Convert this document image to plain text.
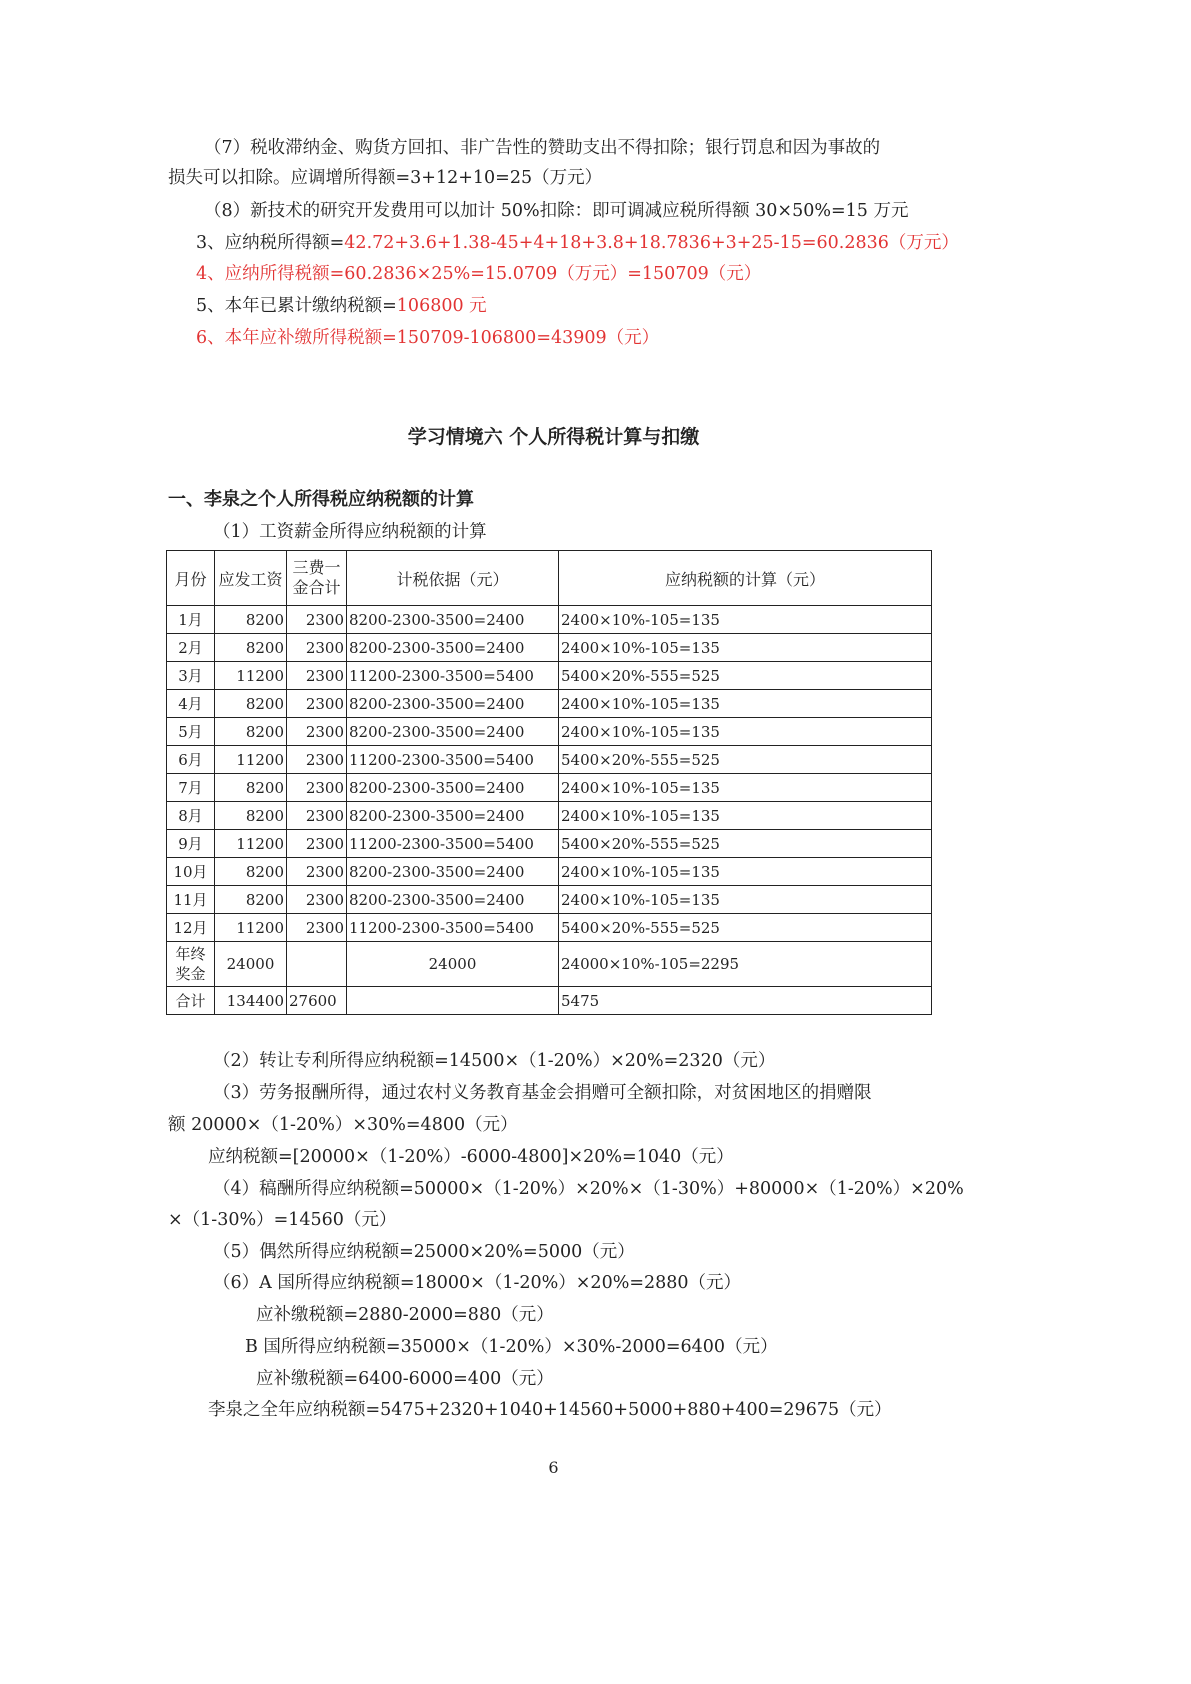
（7）税收滞纳金、购货方回扣、非广告性的赞助支出不得扣除；银行罚息和因为事故的
损失可以扣除。应调增所得额=3+12+10=25（万元）
（8）新技术的研究开发费用可以加计 50%扣除：即可调减应税所得额 30×50%=15 万元
3、应纳税所得额=42.72+3.6+1.38-45+4+18+3.8+18.7836+3+25-15=60.2836（万元）
4、应纳所得税额=60.2836×25%=15.0709（万元）=150709（元）
5、本年已累计缴纳税额=106800 元
6、本年应补缴所得税额=150709-106800=43909（元）
学习情境六 个人所得税计算与扣缴
一、李泉之个人所得税应纳税额的计算
（1）工资薪金所得应纳税额的计算
月份	应发工资	三费一金合计	计税依据（元）	应纳税额的计算（元）
1月	8200	2300	8200-2300-3500=2400	2400×10%-105=135
2月	8200	2300	8200-2300-3500=2400	2400×10%-105=135
3月	11200	2300	11200-2300-3500=5400	5400×20%-555=525
4月	8200	2300	8200-2300-3500=2400	2400×10%-105=135
5月	8200	2300	8200-2300-3500=2400	2400×10%-105=135
6月	11200	2300	11200-2300-3500=5400	5400×20%-555=525
7月	8200	2300	8200-2300-3500=2400	2400×10%-105=135
8月	8200	2300	8200-2300-3500=2400	2400×10%-105=135
9月	11200	2300	11200-2300-3500=5400	5400×20%-555=525
10月	8200	2300	8200-2300-3500=2400	2400×10%-105=135
11月	8200	2300	8200-2300-3500=2400	2400×10%-105=135
12月	11200	2300	11200-2300-3500=5400	5400×20%-555=525
年终奖金	24000		24000	24000×10%-105=2295
合计	134400	27600		5475
（2）转让专利所得应纳税额=14500×（1-20%）×20%=2320（元）
（3）劳务报酬所得，通过农村义务教育基金会捐赠可全额扣除，对贫困地区的捐赠限
额 20000×（1-20%）×30%=4800（元）
应纳税额=[20000×（1-20%）-6000-4800]×20%=1040（元）
（4）稿酬所得应纳税额=50000×（1-20%）×20%×（1-30%）+80000×（1-20%）×20%
×（1-30%）=14560（元）
（5）偶然所得应纳税额=25000×20%=5000（元）
（6）A 国所得应纳税额=18000×（1-20%）×20%=2880（元）
应补缴税额=2880-2000=880（元）
B 国所得应纳税额=35000×（1-20%）×30%-2000=6400（元）
应补缴税额=6400-6000=400（元）
李泉之全年应纳税额=5475+2320+1040+14560+5000+880+400=29675（元）
6
